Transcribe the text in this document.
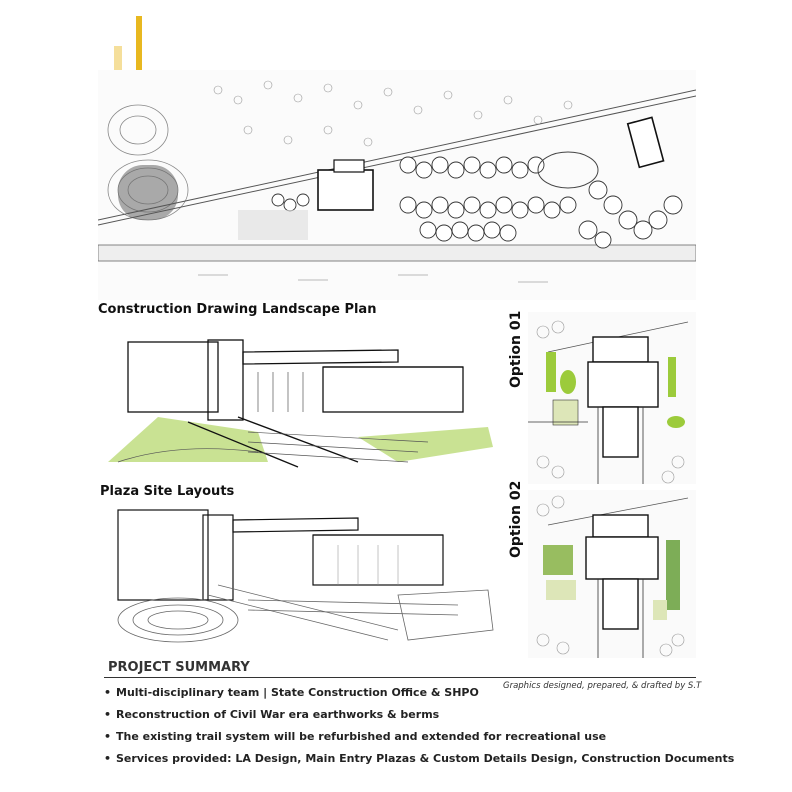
Construction Drawing Landscape Plan
Plaza Site Layouts
Option 01
Option 02
PROJECT SUMMARY
Graphics designed, prepared, & drafted by S.T
• Multi-disciplinary team | State Construction Office & SHPO
• Reconstruction of Civil War era earthworks & berms
• The existing trail system will be refurbished and extended for recreational use
• Services provided: LA Design, Main Entry Plazas & Custom Details Design, Construction Documents
